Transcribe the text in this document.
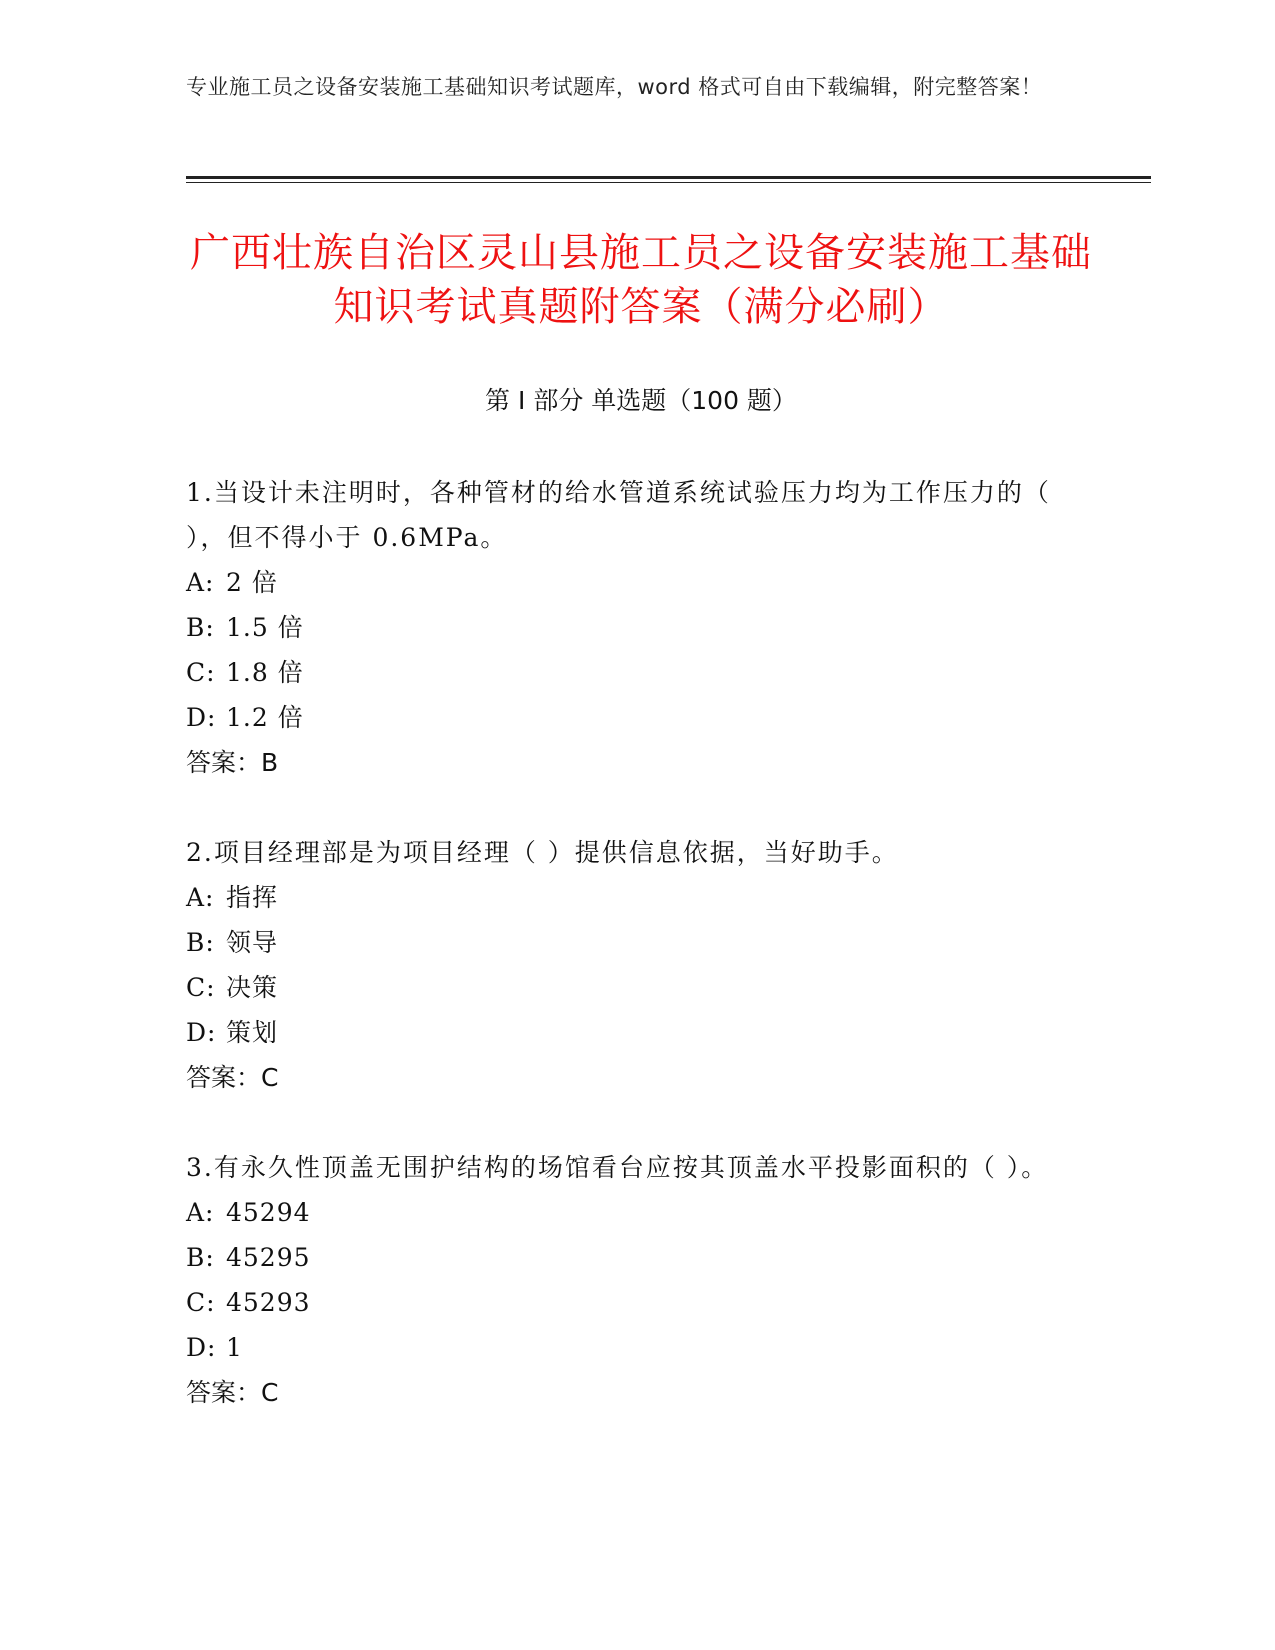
专业施工员之设备安装施工基础知识考试题库，word 格式可自由下载编辑，附完整答案！
广西壮族自治区灵山县施工员之设备安装施工基础知识考试真题附答案（满分必刷）
第 I 部分 单选题（100 题）

1.当设计未注明时，各种管材的给水管道系统试验压力均为工作压力的（ ），但不得小于 0.6MPa。

A: 2 倍

B: 1.5 倍

C: 1.8 倍

D: 1.2 倍

答案：B

2.项目经理部是为项目经理（ ）提供信息依据，当好助手。

A: 指挥

B: 领导

C: 决策

D: 策划

答案：C

3.有永久性顶盖无围护结构的场馆看台应按其顶盖水平投影面积的（ ）。

A: 45294

B: 45295

C: 45293

D: 1

答案：C
